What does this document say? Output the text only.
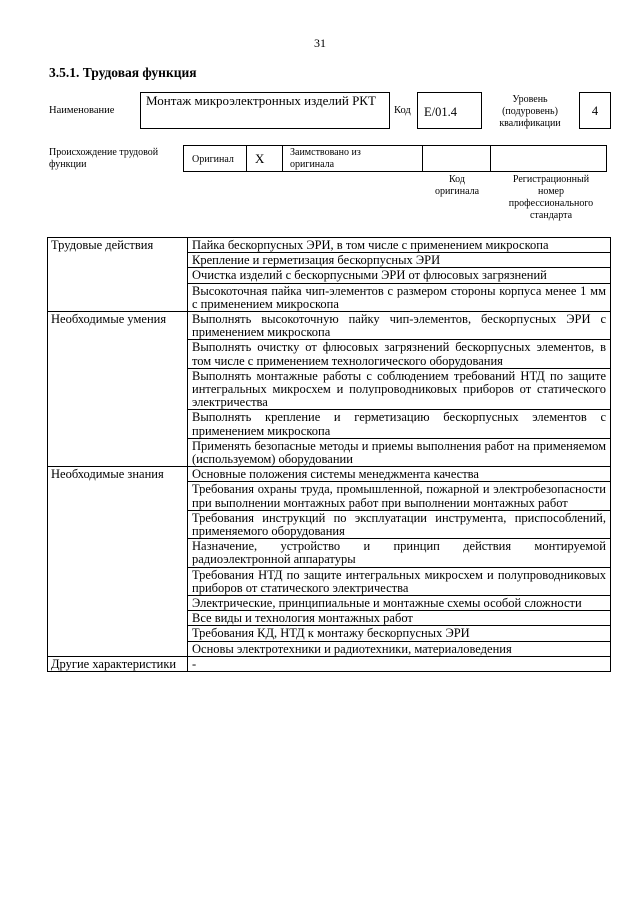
31
3.5.1. Трудовая функция
Наименование
Монтаж микроэлектронных изделий РКТ
Код	E/01.4
Уровень
(подуровень)
квалификации
4
Происхождение трудовой
функции	Оригинал	X	Заимствовано из
оригинала
Код
оригинала
Регистрационный
номер
профессионального
стандарта
Трудовые действия	Пайка бескорпусных ЭРИ, в том числе с применением микроскопа
	Крепление и герметизация бескорпусных ЭРИ
	Очистка изделий с бескорпусными ЭРИ от флюсовых загрязнений
	Высокоточная пайка чип-элементов с размером стороны корпуса менее 1 мм с применением микроскопа
Необходимые умения	Выполнять высокоточную пайку чип-элементов, бескорпусных ЭРИ с применением микроскопа
	Выполнять очистку от флюсовых загрязнений бескорпусных элементов, в том числе с применением технологического оборудования
	Выполнять монтажные работы с соблюдением требований НТД по защите интегральных микросхем и полупроводниковых приборов от статического электричества
	Выполнять крепление и герметизацию бескорпусных элементов с применением микроскопа
	Применять безопасные методы и приемы выполнения работ на применяемом (используемом) оборудовании
Необходимые знания	Основные положения системы менеджмента качества
	Требования охраны труда, промышленной, пожарной и электробезопасности при выполнении монтажных работ при выполнении монтажных работ
	Требования инструкций по эксплуатации инструмента, приспособлений, применяемого оборудования
	Назначение, устройство и принцип действия монтируемой радиоэлектронной аппаратуры
	Требования НТД по защите интегральных микросхем и полупроводниковых приборов от статического электричества
	Электрические, принципиальные и монтажные схемы особой сложности
	Все виды и технология монтажных работ
	Требования КД, НТД к монтажу бескорпусных ЭРИ
	Основы электротехники и радиотехники, материаловедения
Другие характеристики	-
